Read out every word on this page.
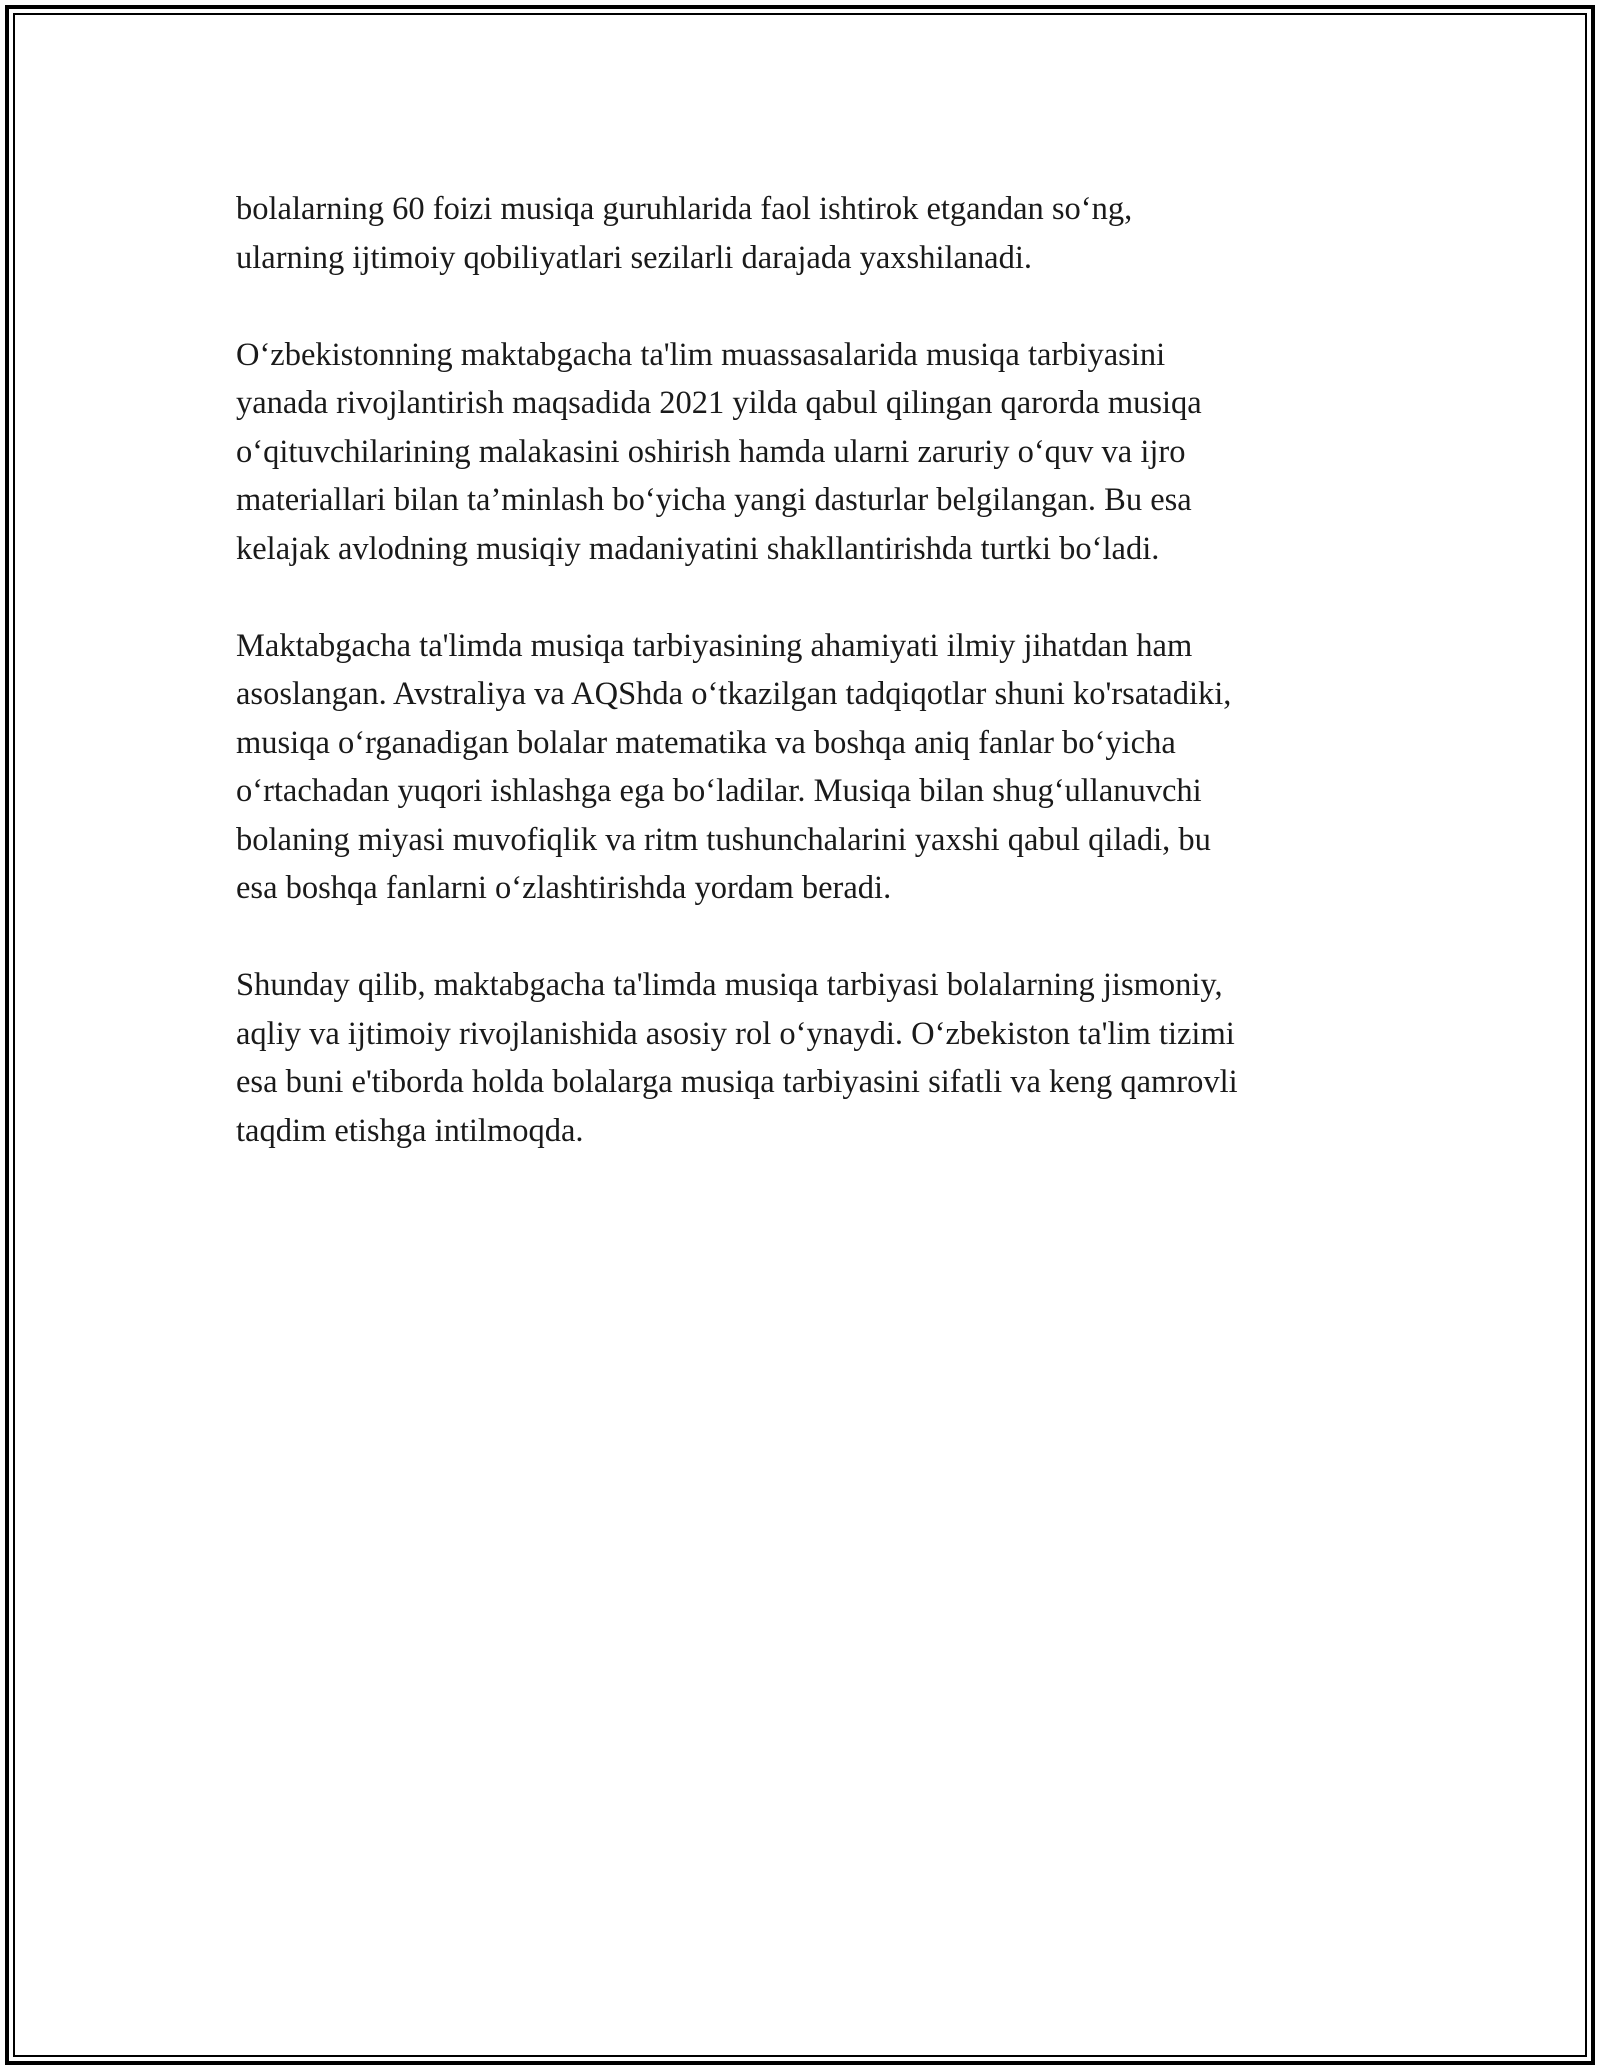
bolalarning 60 foizi musiqa guruhlarida faol ishtirok etgandan so‘ng,
ularning ijtimoiy qobiliyatlari sezilarli darajada yaxshilanadi.

O‘zbekistonning maktabgacha ta'lim muassasalarida musiqa tarbiyasini
yanada rivojlantirish maqsadida 2021 yilda qabul qilingan qarorda musiqa
o‘qituvchilarining malakasini oshirish hamda ularni zaruriy o‘quv va ijro
materiallari bilan ta’minlash bo‘yicha yangi dasturlar belgilangan. Bu esa
kelajak avlodning musiqiy madaniyatini shakllantirishda turtki bo‘ladi.

Maktabgacha ta'limda musiqa tarbiyasining ahamiyati ilmiy jihatdan ham
asoslangan. Avstraliya va AQShda o‘tkazilgan tadqiqotlar shuni ko'rsatadiki,
musiqa o‘rganadigan bolalar matematika va boshqa aniq fanlar bo‘yicha
o‘rtachadan yuqori ishlashga ega bo‘ladilar. Musiqa bilan shug‘ullanuvchi
bolaning miyasi muvofiqlik va ritm tushunchalarini yaxshi qabul qiladi, bu
esa boshqa fanlarni o‘zlashtirishda yordam beradi.

Shunday qilib, maktabgacha ta'limda musiqa tarbiyasi bolalarning jismoniy,
aqliy va ijtimoiy rivojlanishida asosiy rol o‘ynaydi. O‘zbekiston ta'lim tizimi
esa buni e'tiborda holda bolalarga musiqa tarbiyasini sifatli va keng qamrovli
taqdim etishga intilmoqda.
